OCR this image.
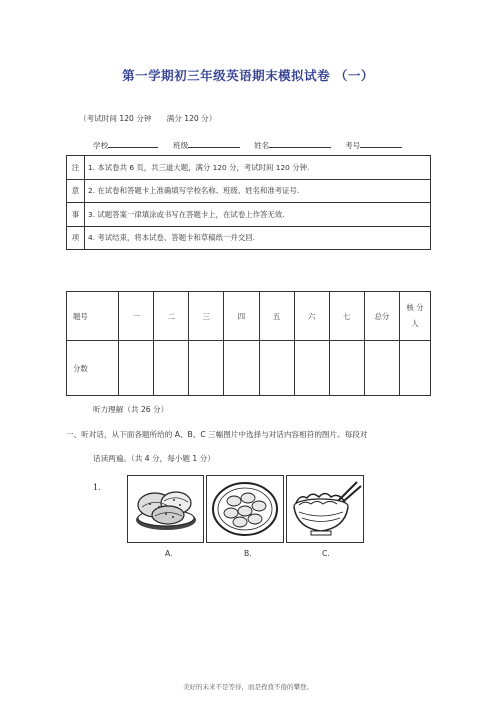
第一学期初三年级英语期末模拟试卷 （一）
（考试时间 120 分钟　　满分 120 分）
学校	班级	姓名	考号
注	1. 本试卷共 6 页，共三道大题，满分 120 分，考试时间 120 分钟.
意	2. 在试卷和答题卡上准确填写学校名称、班级、姓名和准考证号.
事	3. 试题答案一律填涂或书写在答题卡上，在试卷上作答无效.
项	4. 考试结束，将本试卷、答题卡和草稿纸一并交回.
题号	一	二	三	四	五	六	七	总分	核 分
人

分数									
听力理解（共 26 分）
一、听对话，从下面各题所给的 A、B、C 三幅图片中选择与对话内容相符的图片。每段对
话读两遍。（共 4 分，每小题 1 分）
1.
A.	B.	C.
美好的未来不是等待，而是孜孜不倦的攀登。
